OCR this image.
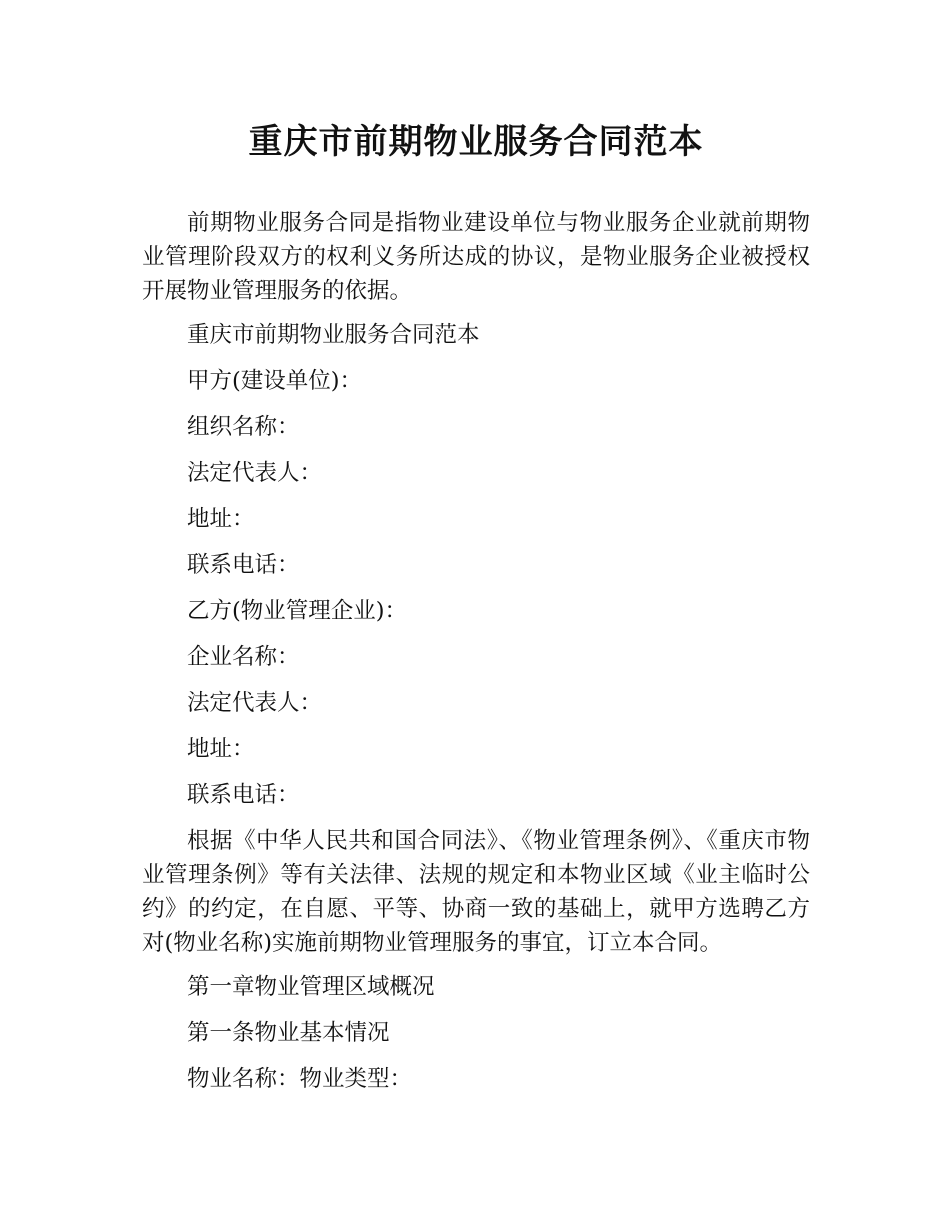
重庆市前期物业服务合同范本

前期物业服务合同是指物业建设单位与物业服务企业就前期物业管理阶段双方的权利义务所达成的协议，是物业服务企业被授权开展物业管理服务的依据。

重庆市前期物业服务合同范本

甲方(建设单位)：

组织名称：

法定代表人：

地址：

联系电话：

乙方(物业管理企业)：

企业名称：

法定代表人：

地址：

联系电话：

根据《中华人民共和国合同法》、《物业管理条例》、《重庆市物业管理条例》等有关法律、法规的规定和本物业区域《业主临时公约》的约定，在自愿、平等、协商一致的基础上，就甲方选聘乙方对(物业名称)实施前期物业管理服务的事宜，订立本合同。

第一章物业管理区域概况

第一条物业基本情况

物业名称：物业类型：
